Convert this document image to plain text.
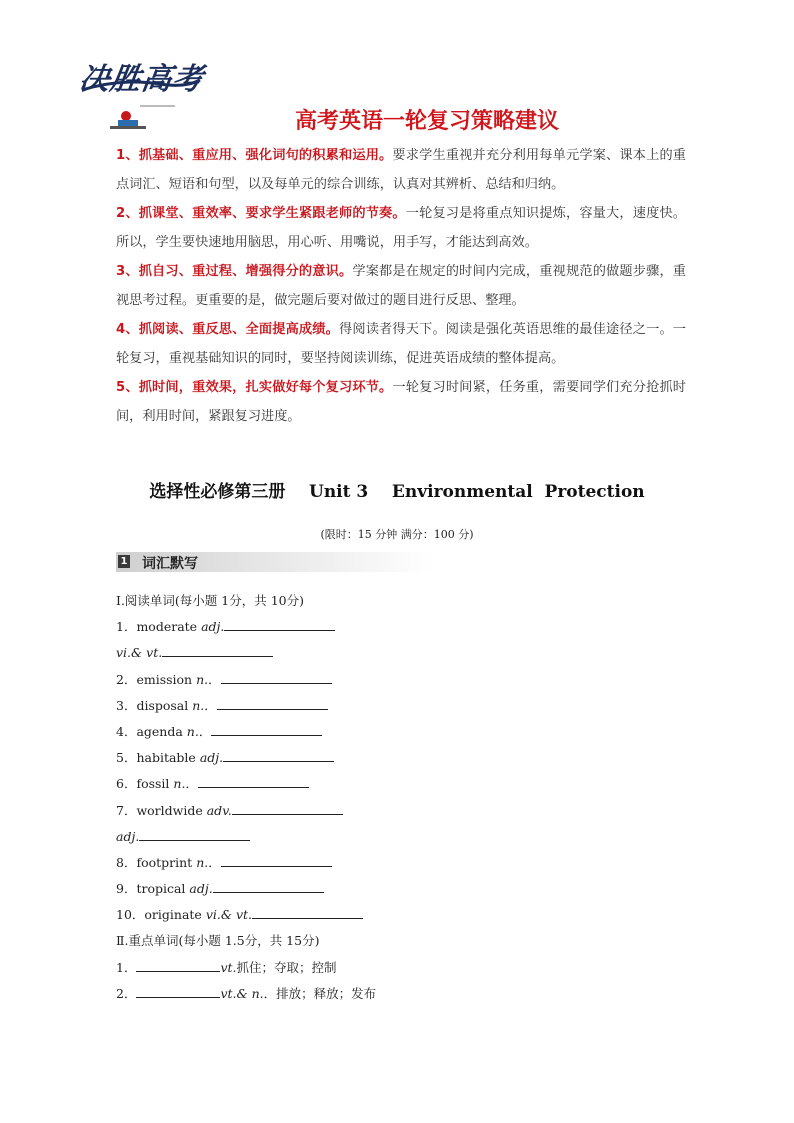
决胜高考
高考英语一轮复习策略建议

1、抓基础、重应用、强化词句的积累和运用。要求学生重视并充分利用每单元学案、课本上的重点词汇、短语和句型，以及每单元的综合训练，认真对其辨析、总结和归纳。

2、抓课堂、重效率、要求学生紧跟老师的节奏。一轮复习是将重点知识提炼，容量大，速度快。所以，学生要快速地用脑思，用心听、用嘴说，用手写，才能达到高效。

3、抓自习、重过程、增强得分的意识。学案都是在规定的时间内完成，重视规范的做题步骤，重视思考过程。更重要的是，做完题后要对做过的题目进行反思、整理。

4、抓阅读、重反思、全面提高成绩。得阅读者得天下。阅读是强化英语思维的最佳途径之一。一轮复习，重视基础知识的同时，要坚持阅读训练，促进英语成绩的整体提高。

5、抓时间，重效果，扎实做好每个复习环节。一轮复习时间紧，任务重，需要同学们充分抢抓时间，利用时间，紧跟复习进度。

选择性必修第三册    Unit 3    Environmental  Protection
(限时：15 分钟 满分：100 分)
1 词汇默写
Ⅰ.阅读单词(每小题 1分，共 10分)
1．moderate adj.
vi.& vt.
2．emission n.．
3．disposal n.．
4．agenda n.．
5．habitable adj.
6．fossil n.．
7．worldwide adv.
adj.
8．footprint n.．
9．tropical adj.
10．originate vi.& vt.
Ⅱ.重点单词(每小题 1.5分，共 15分)
1．	vt.抓住；夺取；控制
2．	vt.& n.．排放；释放；发布
